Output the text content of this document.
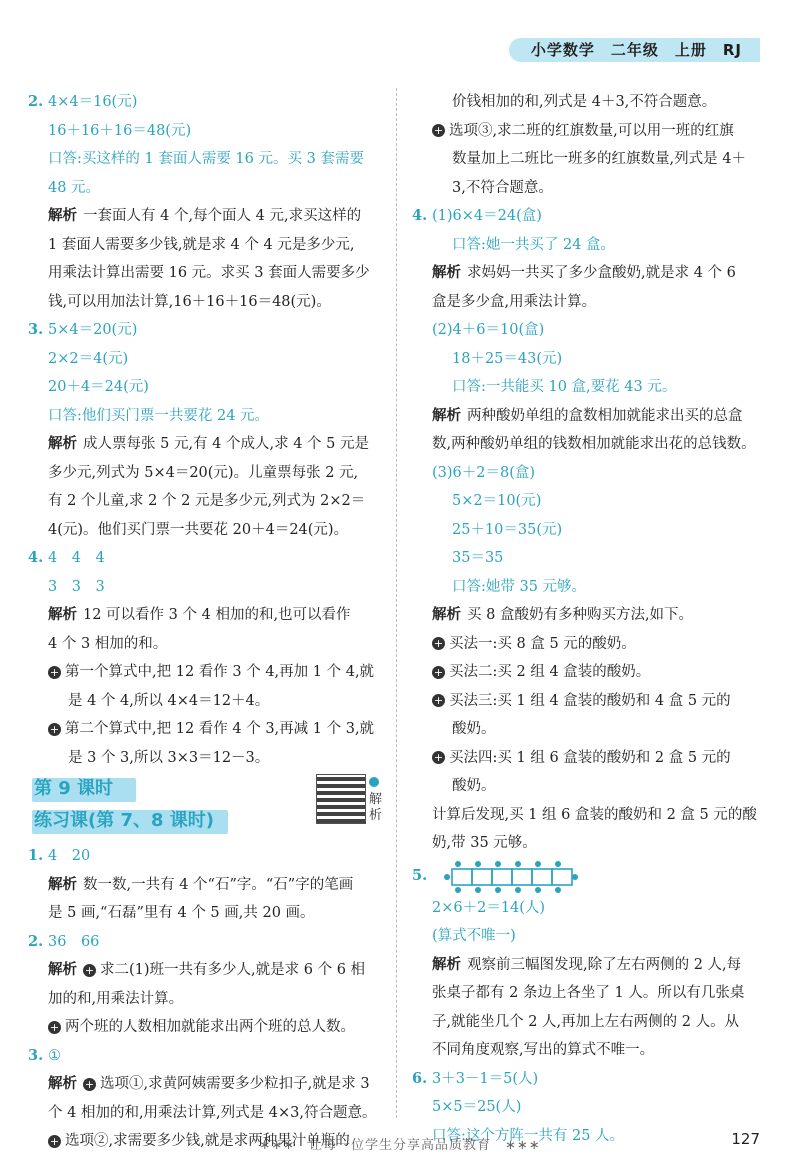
小学数学　二年级　上册　RJ
2. 4×4＝16(元)
16＋16＋16＝48(元)
口答:买这样的 1 套面人需要 16 元。买 3 套需要
48 元。
解析 一套面人有 4 个,每个面人 4 元,求买这样的
1 套面人需要多少钱,就是求 4 个 4 元是多少元,
用乘法计算出需要 16 元。求买 3 套面人需要多少
钱,可以用加法计算,16＋16＋16＝48(元)。
3. 5×4＝20(元)
2×2＝4(元)
20＋4＝24(元)
口答:他们买门票一共要花 24 元。
解析 成人票每张 5 元,有 4 个成人,求 4 个 5 元是
多少元,列式为 5×4＝20(元)。儿童票每张 2 元,
有 2 个儿童,求 2 个 2 元是多少元,列式为 2×2＝
4(元)。他们买门票一共要花 20＋4＝24(元)。
4. 4　4　4
3　3　3
解析 12 可以看作 3 个 4 相加的和,也可以看作
4 个 3 相加的和。
+ 第一个算式中,把 12 看作 3 个 4,再加 1 个 4,就
是 4 个 4,所以 4×4＝12＋4。
+ 第二个算式中,把 12 看作 4 个 3,再减 1 个 3,就
是 3 个 3,所以 3×3＝12－3。
第 9 课时
练习课(第 7、8 课时)
解析
1. 4　20
解析 数一数,一共有 4 个“石”字。“石”字的笔画
是 5 画,“石磊”里有 4 个 5 画,共 20 画。
2. 36　66
解析 + 求二(1)班一共有多少人,就是求 6 个 6 相
加的和,用乘法计算。
+ 两个班的人数相加就能求出两个班的总人数。
3. ①
解析 + 选项①,求黄阿姨需要多少粒扣子,就是求 3
个 4 相加的和,用乘法计算,列式是 4×3,符合题意。
+ 选项②,求需要多少钱,就是求两种果汁单瓶的
价钱相加的和,列式是 4＋3,不符合题意。
+ 选项③,求二班的红旗数量,可以用一班的红旗
数量加上二班比一班多的红旗数量,列式是 4＋
3,不符合题意。
4. (1)6×4＝24(盒)
口答:她一共买了 24 盒。
解析 求妈妈一共买了多少盒酸奶,就是求 4 个 6
盒是多少盒,用乘法计算。
(2)4＋6＝10(盒)
18＋25＝43(元)
口答:一共能买 10 盒,要花 43 元。
解析 两种酸奶单组的盒数相加就能求出买的总盒
数,两种酸奶单组的钱数相加就能求出花的总钱数。
(3)6＋2＝8(盒)
5×2＝10(元)
25＋10＝35(元)
35＝35
口答:她带 35 元够。
解析 买 8 盒酸奶有多种购买方法,如下。
+ 买法一:买 8 盒 5 元的酸奶。
+ 买法二:买 2 组 4 盒装的酸奶。
+ 买法三:买 1 组 4 盒装的酸奶和 4 盒 5 元的
酸奶。
+ 买法四:买 1 组 6 盒装的酸奶和 2 盒 5 元的
酸奶。
计算后发现,买 1 组 6 盒装的酸奶和 2 盒 5 元的酸
奶,带 35 元够。
5.
2×6＋2＝14(人)
(算式不唯一)
解析 观察前三幅图发现,除了左右两侧的 2 人,每
张桌子都有 2 条边上各坐了 1 人。所以有几张桌
子,就能坐几个 2 人,再加上左右两侧的 2 人。从
不同角度观察,写出的算式不唯一。
6. 3＋3－1＝5(人)
5×5＝25(人)
口答:这个方阵一共有 25 人。
∗∗∗　让每一位学生分享高品质教育　∗∗∗	127
